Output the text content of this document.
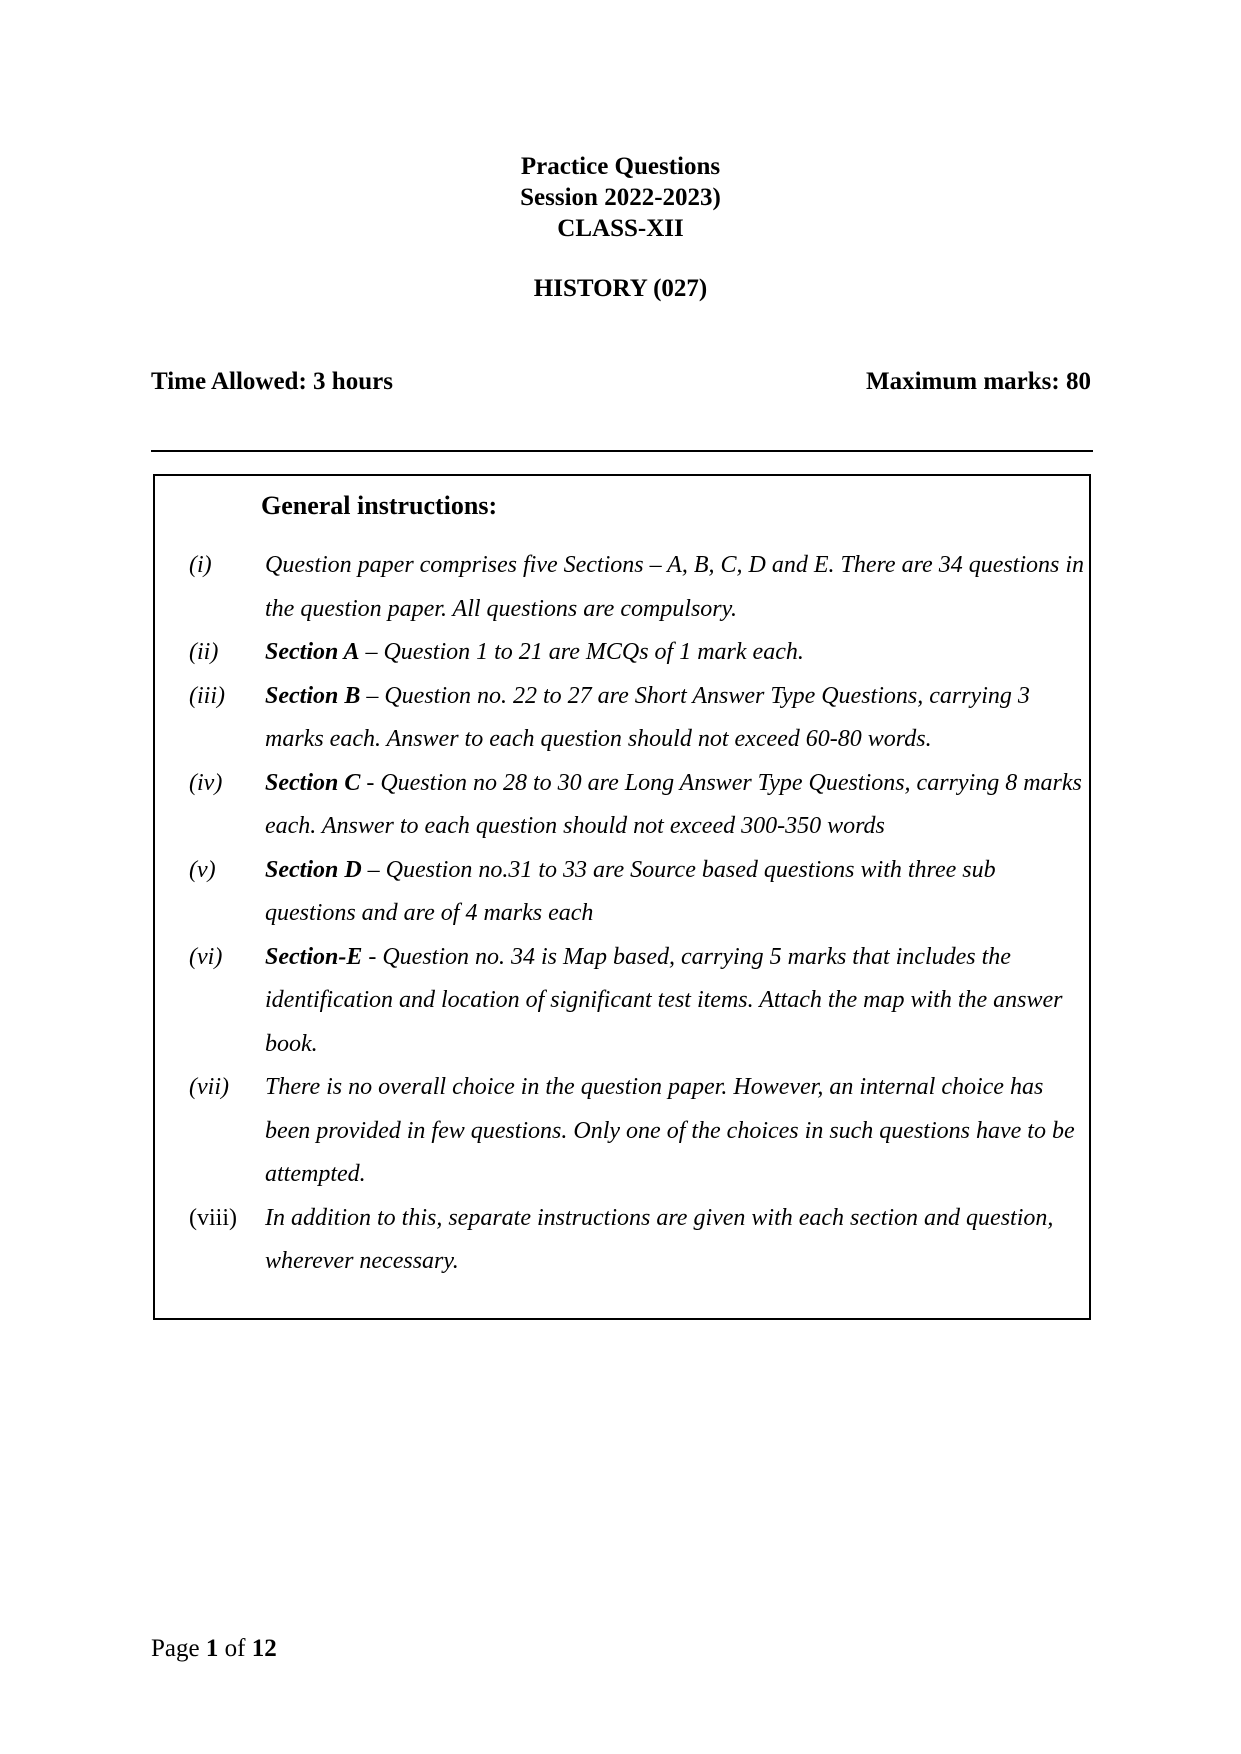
Practice Questions
Session 2022-2023)
CLASS-XII
HISTORY (027)
Time Allowed: 3 hours	Maximum marks: 80
General instructions:
(i) Question paper comprises five Sections – A, B, C, D and E. There are 34 questions in the question paper. All questions are compulsory.
(ii) Section A – Question 1 to 21 are MCQs of 1 mark each.
(iii) Section B – Question no. 22 to 27 are Short Answer Type Questions, carrying 3 marks each. Answer to each question should not exceed 60-80 words.
(iv) Section C - Question no 28 to 30 are Long Answer Type Questions, carrying 8 marks each. Answer to each question should not exceed 300-350 words
(v) Section D – Question no.31 to 33 are Source based questions with three sub questions and are of 4 marks each
(vi) Section-E - Question no. 34 is Map based, carrying 5 marks that includes the identification and location of significant test items. Attach the map with the answer book.
(vii) There is no overall choice in the question paper. However, an internal choice has been provided in few questions. Only one of the choices in such questions have to be attempted.
(viii) In addition to this, separate instructions are given with each section and question, wherever necessary.
Page 1 of 12
